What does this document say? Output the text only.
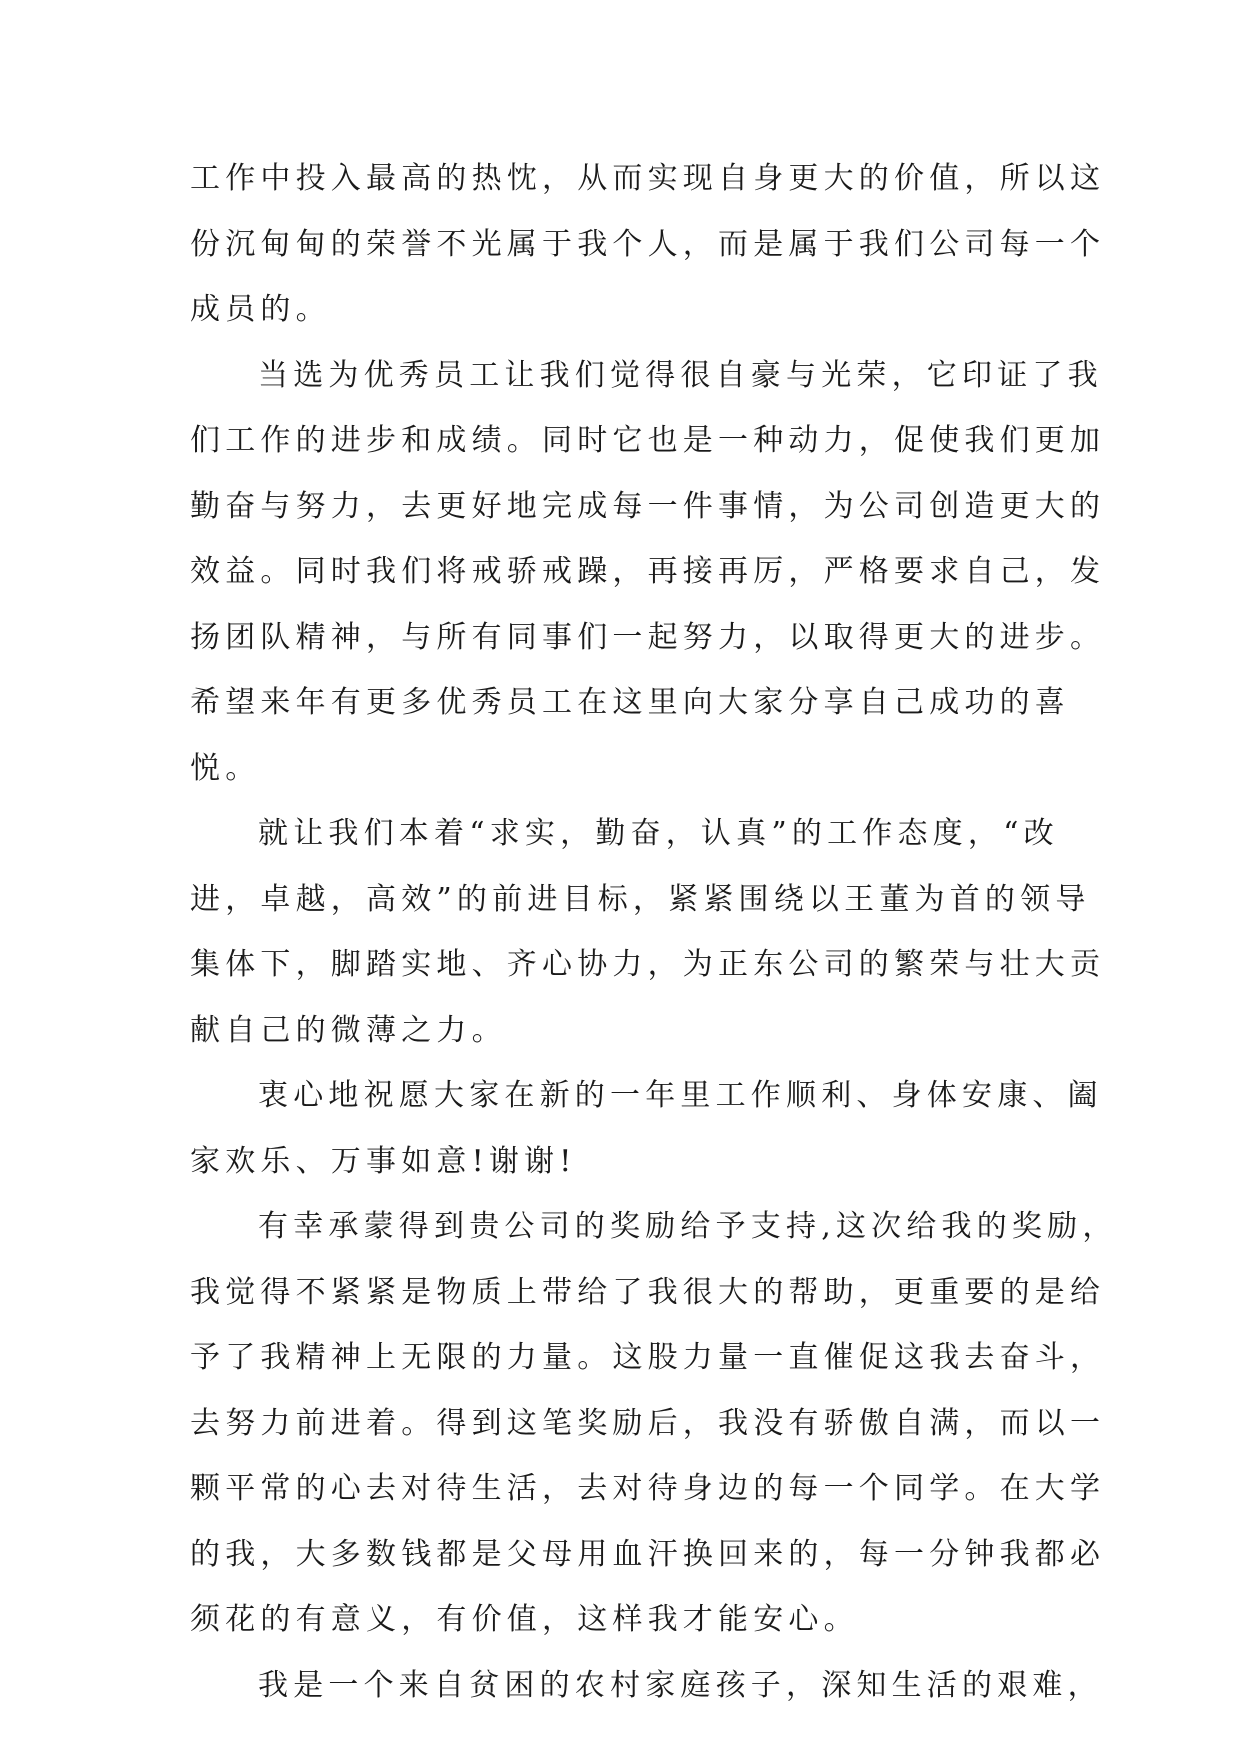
工作中投入最高的热忱，从而实现自身更大的价值，所以这
份沉甸甸的荣誉不光属于我个人，而是属于我们公司每一个
成员的。
当选为优秀员工让我们觉得很自豪与光荣，它印证了我
们工作的进步和成绩。同时它也是一种动力，促使我们更加
勤奋与努力，去更好地完成每一件事情，为公司创造更大的
效益。同时我们将戒骄戒躁，再接再厉，严格要求自己，发
扬团队精神，与所有同事们一起努力，以取得更大的进步。
希望来年有更多优秀员工在这里向大家分享自己成功的喜
悦。
就让我们本着“求实，勤奋，认真”的工作态度，“改
进，卓越，高效”的前进目标，紧紧围绕以王董为首的领导
集体下，脚踏实地、齐心协力，为正东公司的繁荣与壮大贡
献自己的微薄之力。
衷心地祝愿大家在新的一年里工作顺利、身体安康、阖
家欢乐、万事如意!谢谢!
有幸承蒙得到贵公司的奖励给予支持,这次给我的奖励，
我觉得不紧紧是物质上带给了我很大的帮助，更重要的是给
予了我精神上无限的力量。这股力量一直催促这我去奋斗，
去努力前进着。得到这笔奖励后，我没有骄傲自满，而以一
颗平常的心去对待生活，去对待身边的每一个同学。在大学
的我，大多数钱都是父母用血汗换回来的，每一分钟我都必
须花的有意义，有价值，这样我才能安心。
我是一个来自贫困的农村家庭孩子，深知生活的艰难，
